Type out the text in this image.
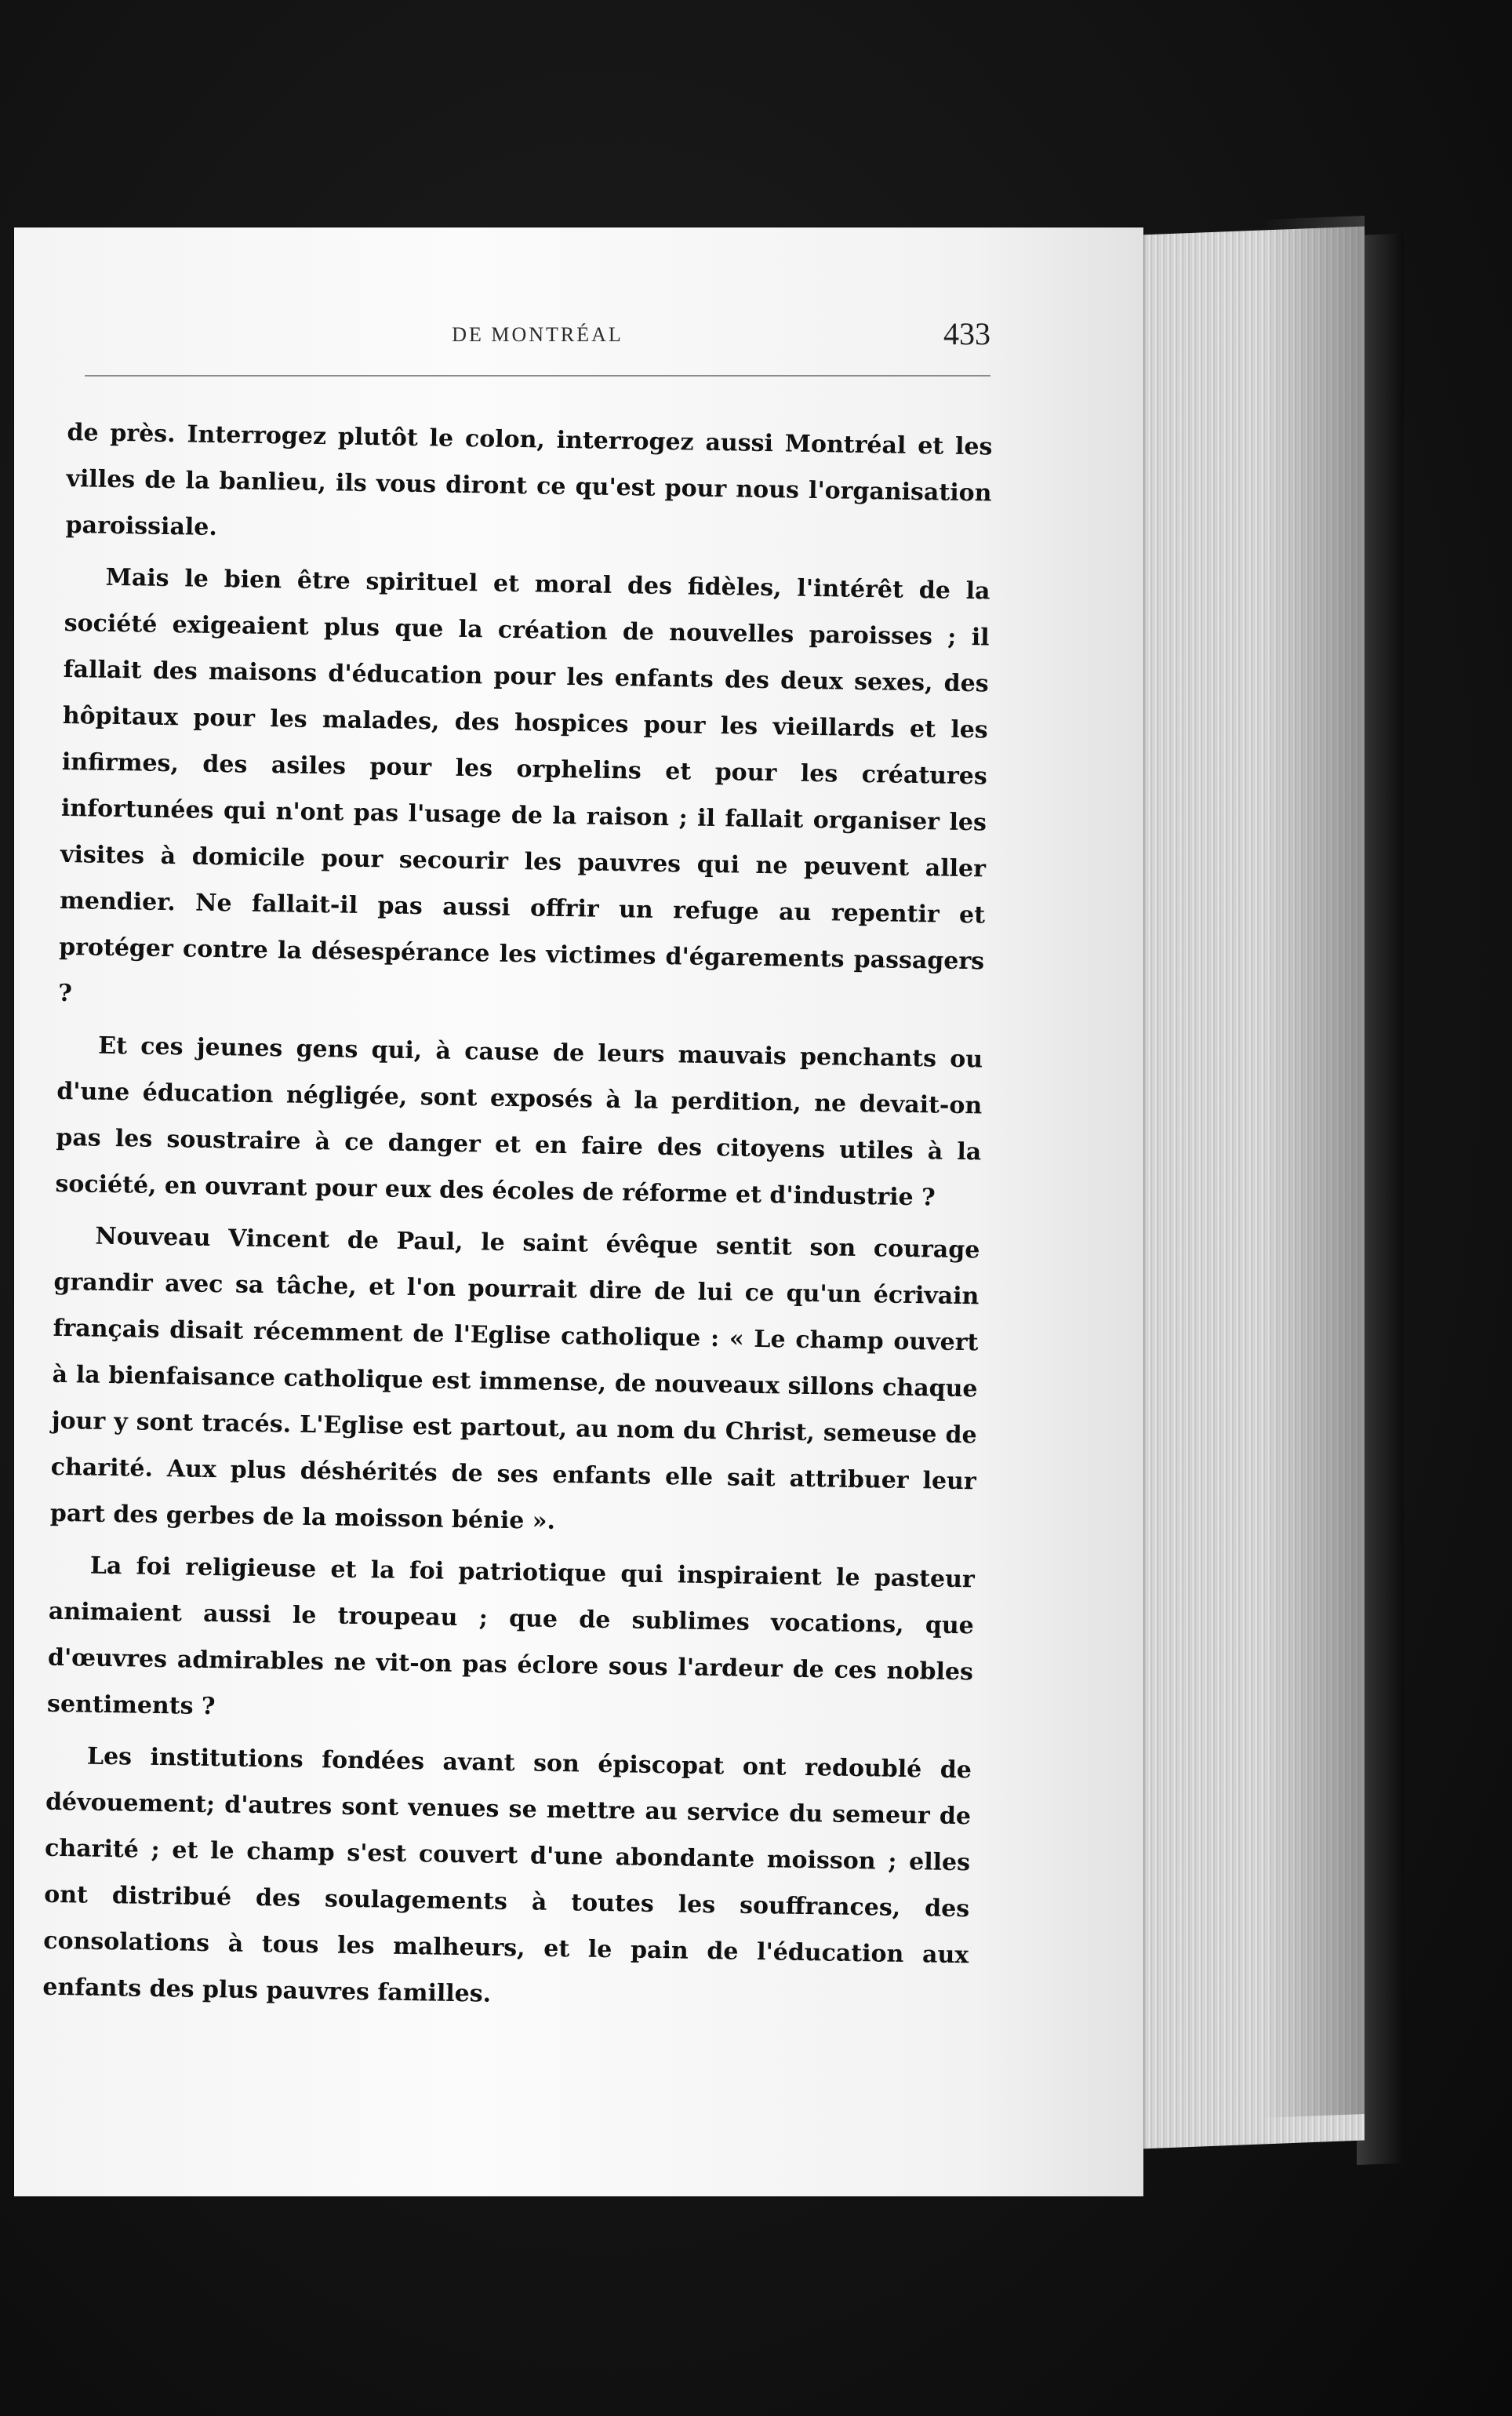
DE MONTRÉAL	433

de près. Interrogez plutôt le colon, interrogez aussi Montréal et les villes de la banlieu, ils vous diront ce qu'est pour nous l'organisation paroissiale.

Mais le bien être spirituel et moral des fidèles, l'intérêt de la société exigeaient plus que la création de nouvelles paroisses ; il fallait des maisons d'éducation pour les enfants des deux sexes, des hôpitaux pour les malades, des hospices pour les vieillards et les infirmes, des asiles pour les orphelins et pour les créatures infortunées qui n'ont pas l'usage de la raison ; il fallait organiser les visites à domicile pour secourir les pauvres qui ne peuvent aller mendier. Ne fallait-il pas aussi offrir un refuge au repentir et protéger contre la désespérance les victimes d'égarements passagers ?

Et ces jeunes gens qui, à cause de leurs mauvais penchants ou d'une éducation négligée, sont exposés à la perdition, ne devait-on pas les soustraire à ce danger et en faire des citoyens utiles à la société, en ouvrant pour eux des écoles de réforme et d'industrie ?

Nouveau Vincent de Paul, le saint évêque sentit son courage grandir avec sa tâche, et l'on pourrait dire de lui ce qu'un écrivain français disait récemment de l'Eglise catholique : « Le champ ouvert à la bienfaisance catholique est immense, de nouveaux sillons chaque jour y sont tracés. L'Eglise est partout, au nom du Christ, semeuse de charité. Aux plus déshérités de ses enfants elle sait attribuer leur part des gerbes de la moisson bénie ».

La foi religieuse et la foi patriotique qui inspiraient le pasteur animaient aussi le troupeau ; que de sublimes vocations, que d'œuvres admirables ne vit-on pas éclore sous l'ardeur de ces nobles sentiments ?

Les institutions fondées avant son épiscopat ont redoublé de dévouement; d'autres sont venues se mettre au service du semeur de charité ; et le champ s'est couvert d'une abondante moisson ; elles ont distribué des soulagements à toutes les souffrances, des consolations à tous les malheurs, et le pain de l'éducation aux enfants des plus pauvres familles.
